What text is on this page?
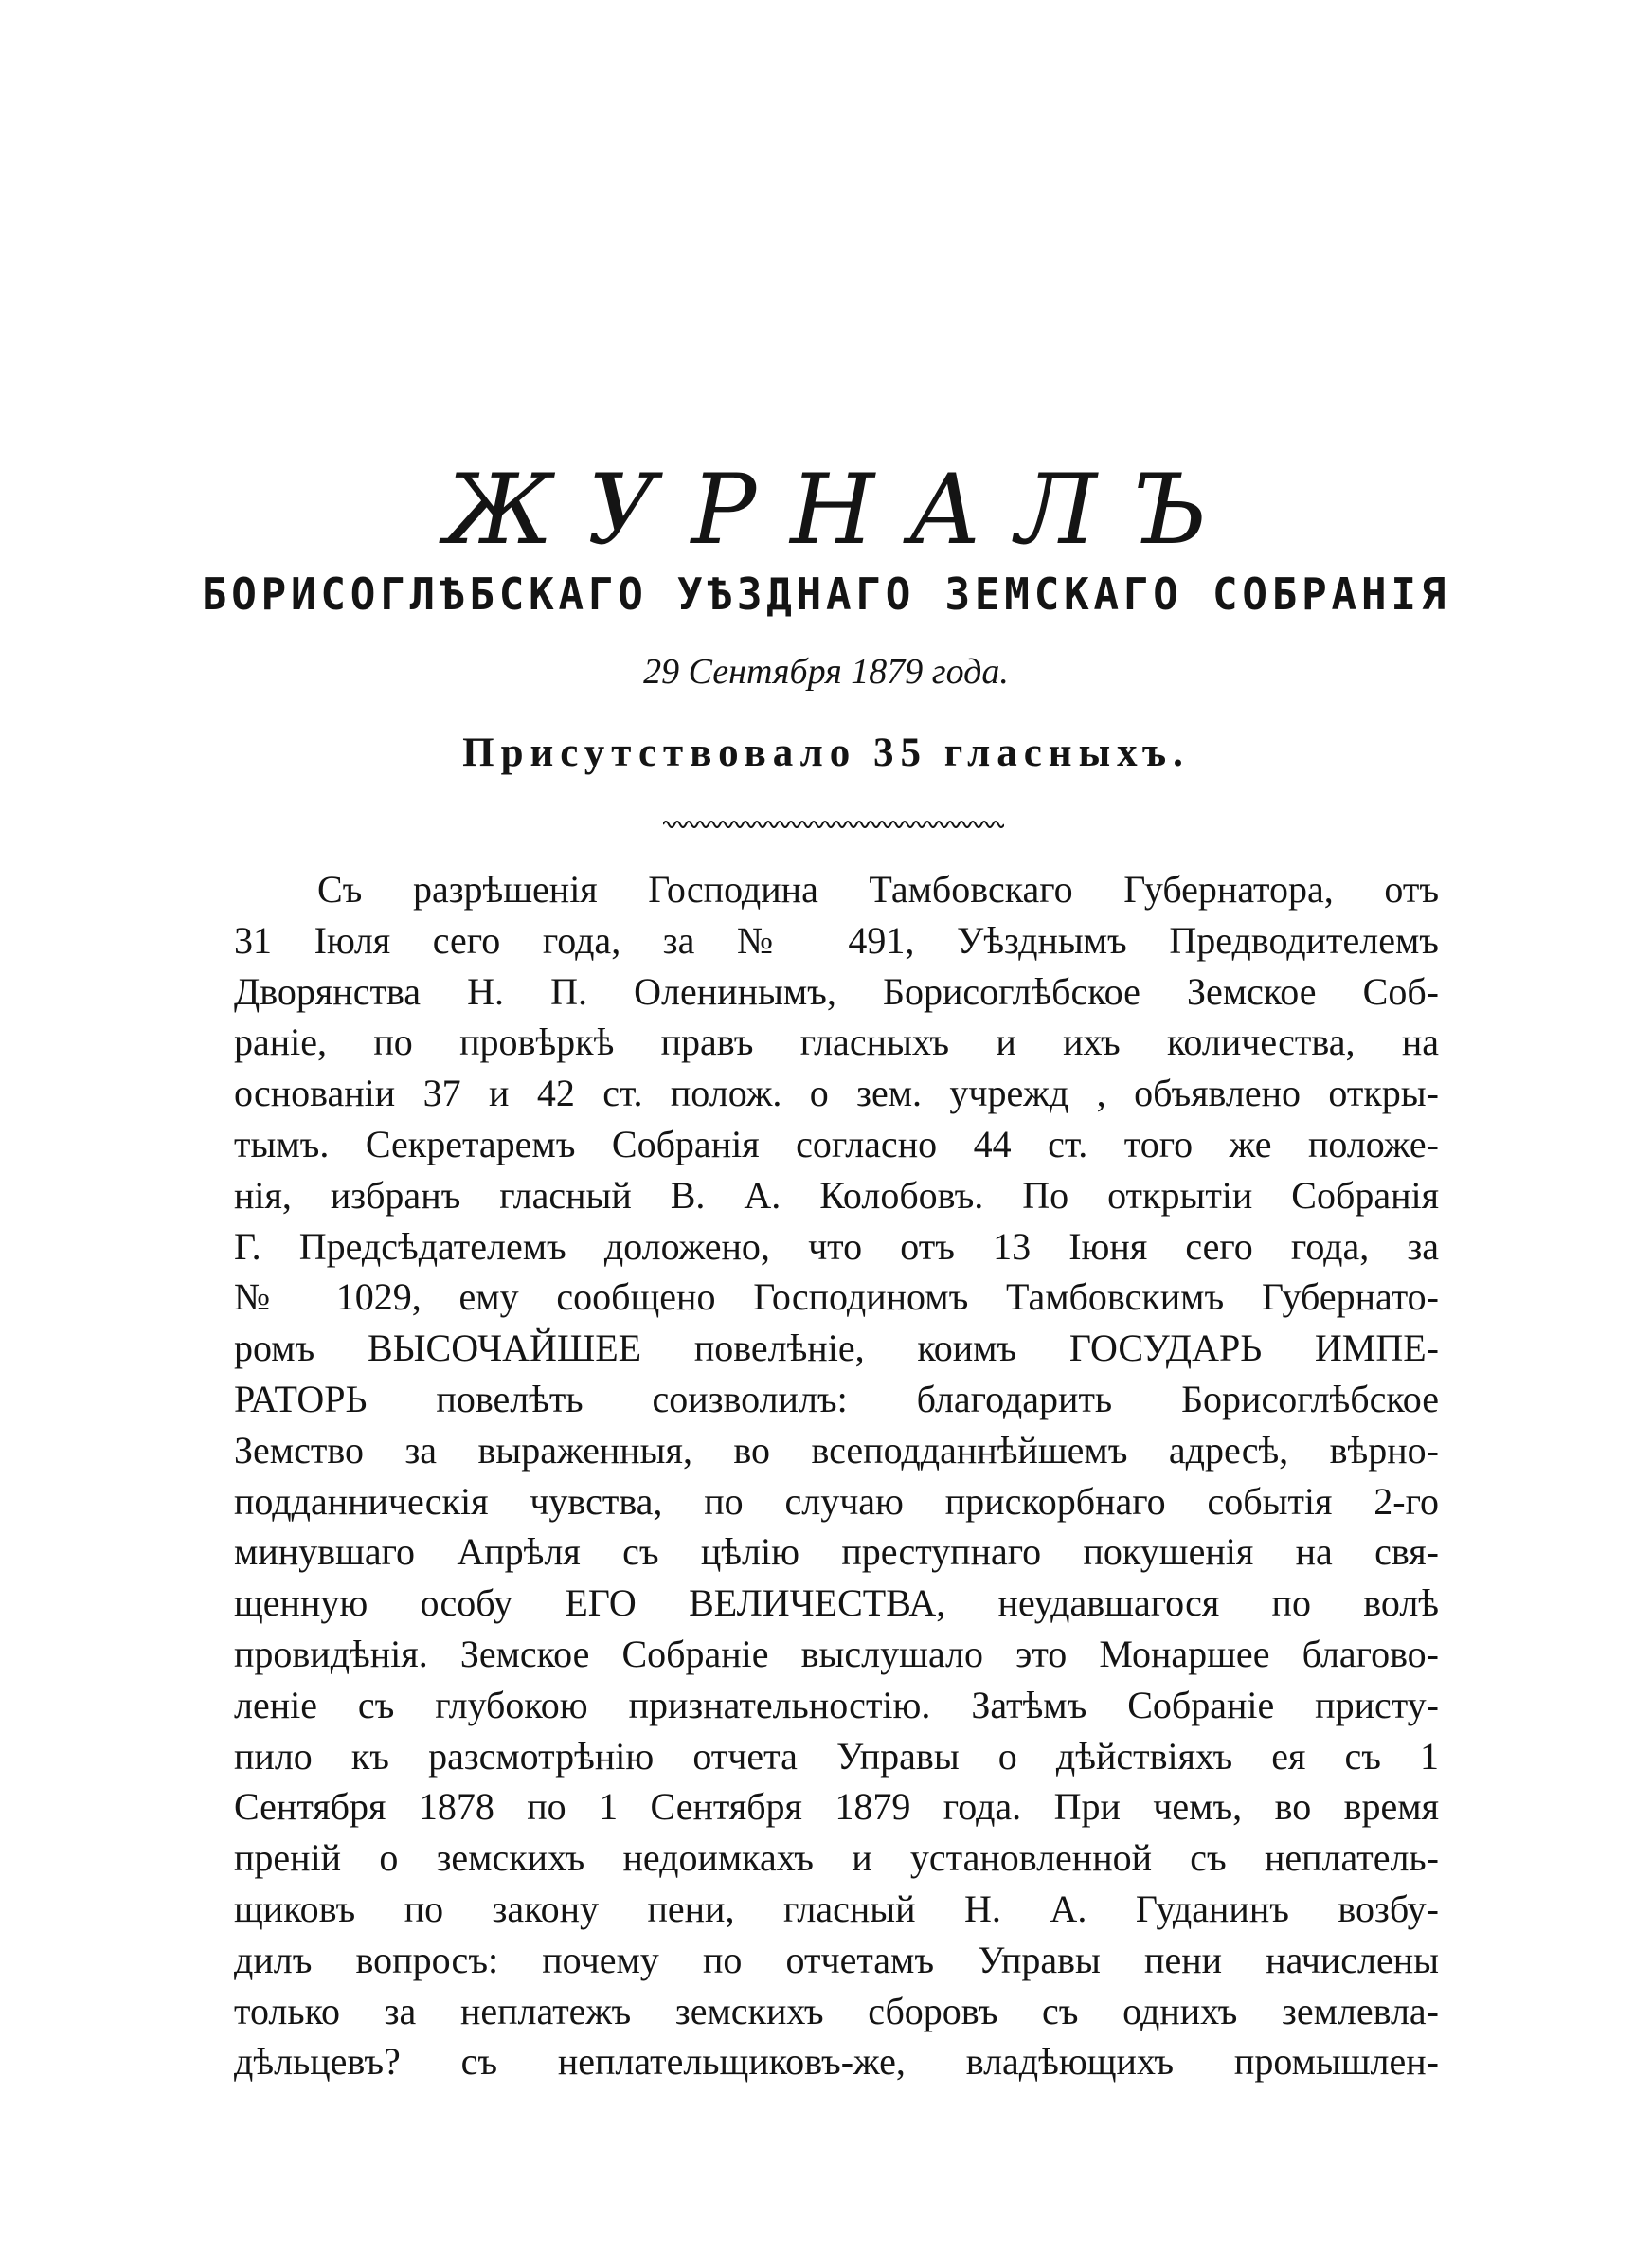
ЖУРНАЛЪ
БОРИСОГЛѢБСКАГО УѢЗДНАГО ЗЕМСКАГО СОБРАНІЯ
29 Сентября 1879 года.
Присутствовало 35 гласныхъ.
Съ разрѣшенія Господина Тамбовскаго Губернатора, отъ
31 Іюля сего года, за № 491, Уѣзднымъ Предводителемъ
Дворянства Н. П. Оленинымъ, Борисоглѣбское Земское Соб-
раніе, по провѣркѣ правъ гласныхъ и ихъ количества, на
основаніи 37 и 42 ст. полож. о зем. учрежд , объявлено откры-
тымъ. Секретаремъ Собранія согласно 44 ст. того же положе-
нія, избранъ гласный В. А. Колобовъ. По открытіи Собранія
Г. Предсѣдателемъ доложено, что отъ 13 Іюня сего года, за
№ 1029, ему сообщено Господиномъ Тамбовскимъ Губернато-
ромъ ВЫСОЧАЙШЕЕ повелѣніе, коимъ ГОСУДАРЬ ИМПЕ-
РАТОРЬ повелѣть соизволилъ: благодарить Борисоглѣбское
Земство за выраженныя, во всеподданнѣйшемъ адресѣ, вѣрно-
подданническія чувства, по случаю прискорбнаго событія 2-го
минувшаго Апрѣля съ цѣлію преступнаго покушенія на свя-
щенную особу ЕГО ВЕЛИЧЕСТВА, неудавшагося по волѣ
провидѣнія. Земское Собраніе выслушало это Монаршее благово-
леніе съ глубокою признательностію. Затѣмъ Собраніе присту-
пило къ разсмотрѣнію отчета Управы о дѣйствіяхъ ея съ 1
Сентября 1878 по 1 Сентября 1879 года. При чемъ, во время
преній о земскихъ недоимкахъ и установленной съ неплатель-
щиковъ по закону пени, гласный Н. А. Гуданинъ возбу-
дилъ вопросъ: почему по отчетамъ Управы пени начислены
только за неплатежъ земскихъ сборовъ съ однихъ землевла-
дѣльцевъ? съ неплательщиковъ-же, владѣющихъ промышлен-
